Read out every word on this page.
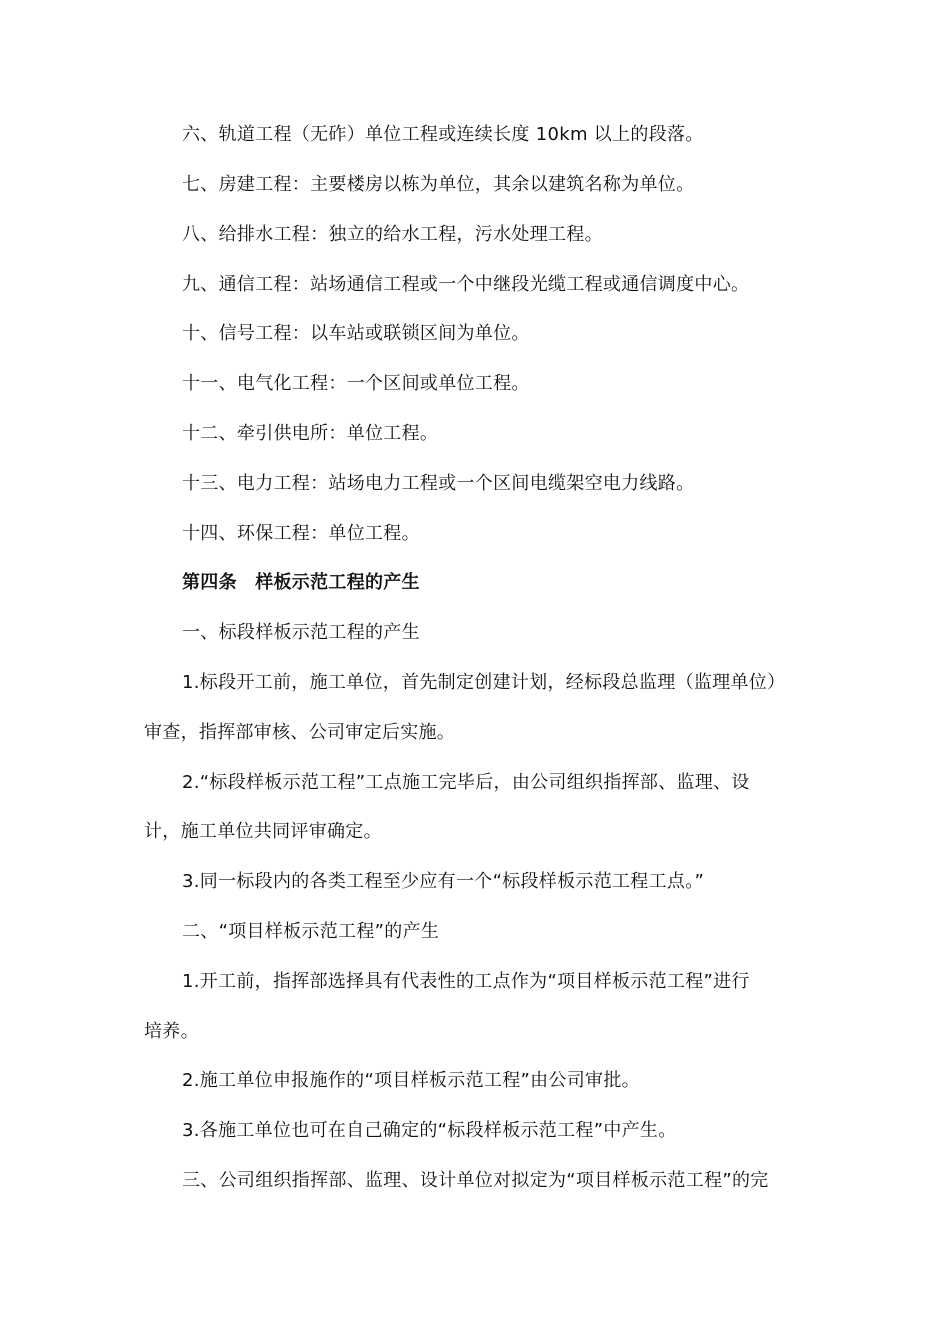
六、轨道工程（无砟）单位工程或连续长度 10km 以上的段落。
七、房建工程：主要楼房以栋为单位，其余以建筑名称为单位。
八、给排水工程：独立的给水工程，污水处理工程。
九、通信工程：站场通信工程或一个中继段光缆工程或通信调度中心。
十、信号工程：以车站或联锁区间为单位。
十一、电气化工程：一个区间或单位工程。
十二、牵引供电所：单位工程。
十三、电力工程：站场电力工程或一个区间电缆架空电力线路。
十四、环保工程：单位工程。
第四条　样板示范工程的产生
一、标段样板示范工程的产生
1.标段开工前，施工单位，首先制定创建计划，经标段总监理（监理单位）
审查，指挥部审核、公司审定后实施。
2.“标段样板示范工程”工点施工完毕后，由公司组织指挥部、监理、设
计，施工单位共同评审确定。
3.同一标段内的各类工程至少应有一个“标段样板示范工程工点。”
二、“项目样板示范工程”的产生
1.开工前，指挥部选择具有代表性的工点作为“项目样板示范工程”进行
培养。
2.施工单位申报施作的“项目样板示范工程”由公司审批。
3.各施工单位也可在自己确定的“标段样板示范工程”中产生。
三、公司组织指挥部、监理、设计单位对拟定为“项目样板示范工程”的完
